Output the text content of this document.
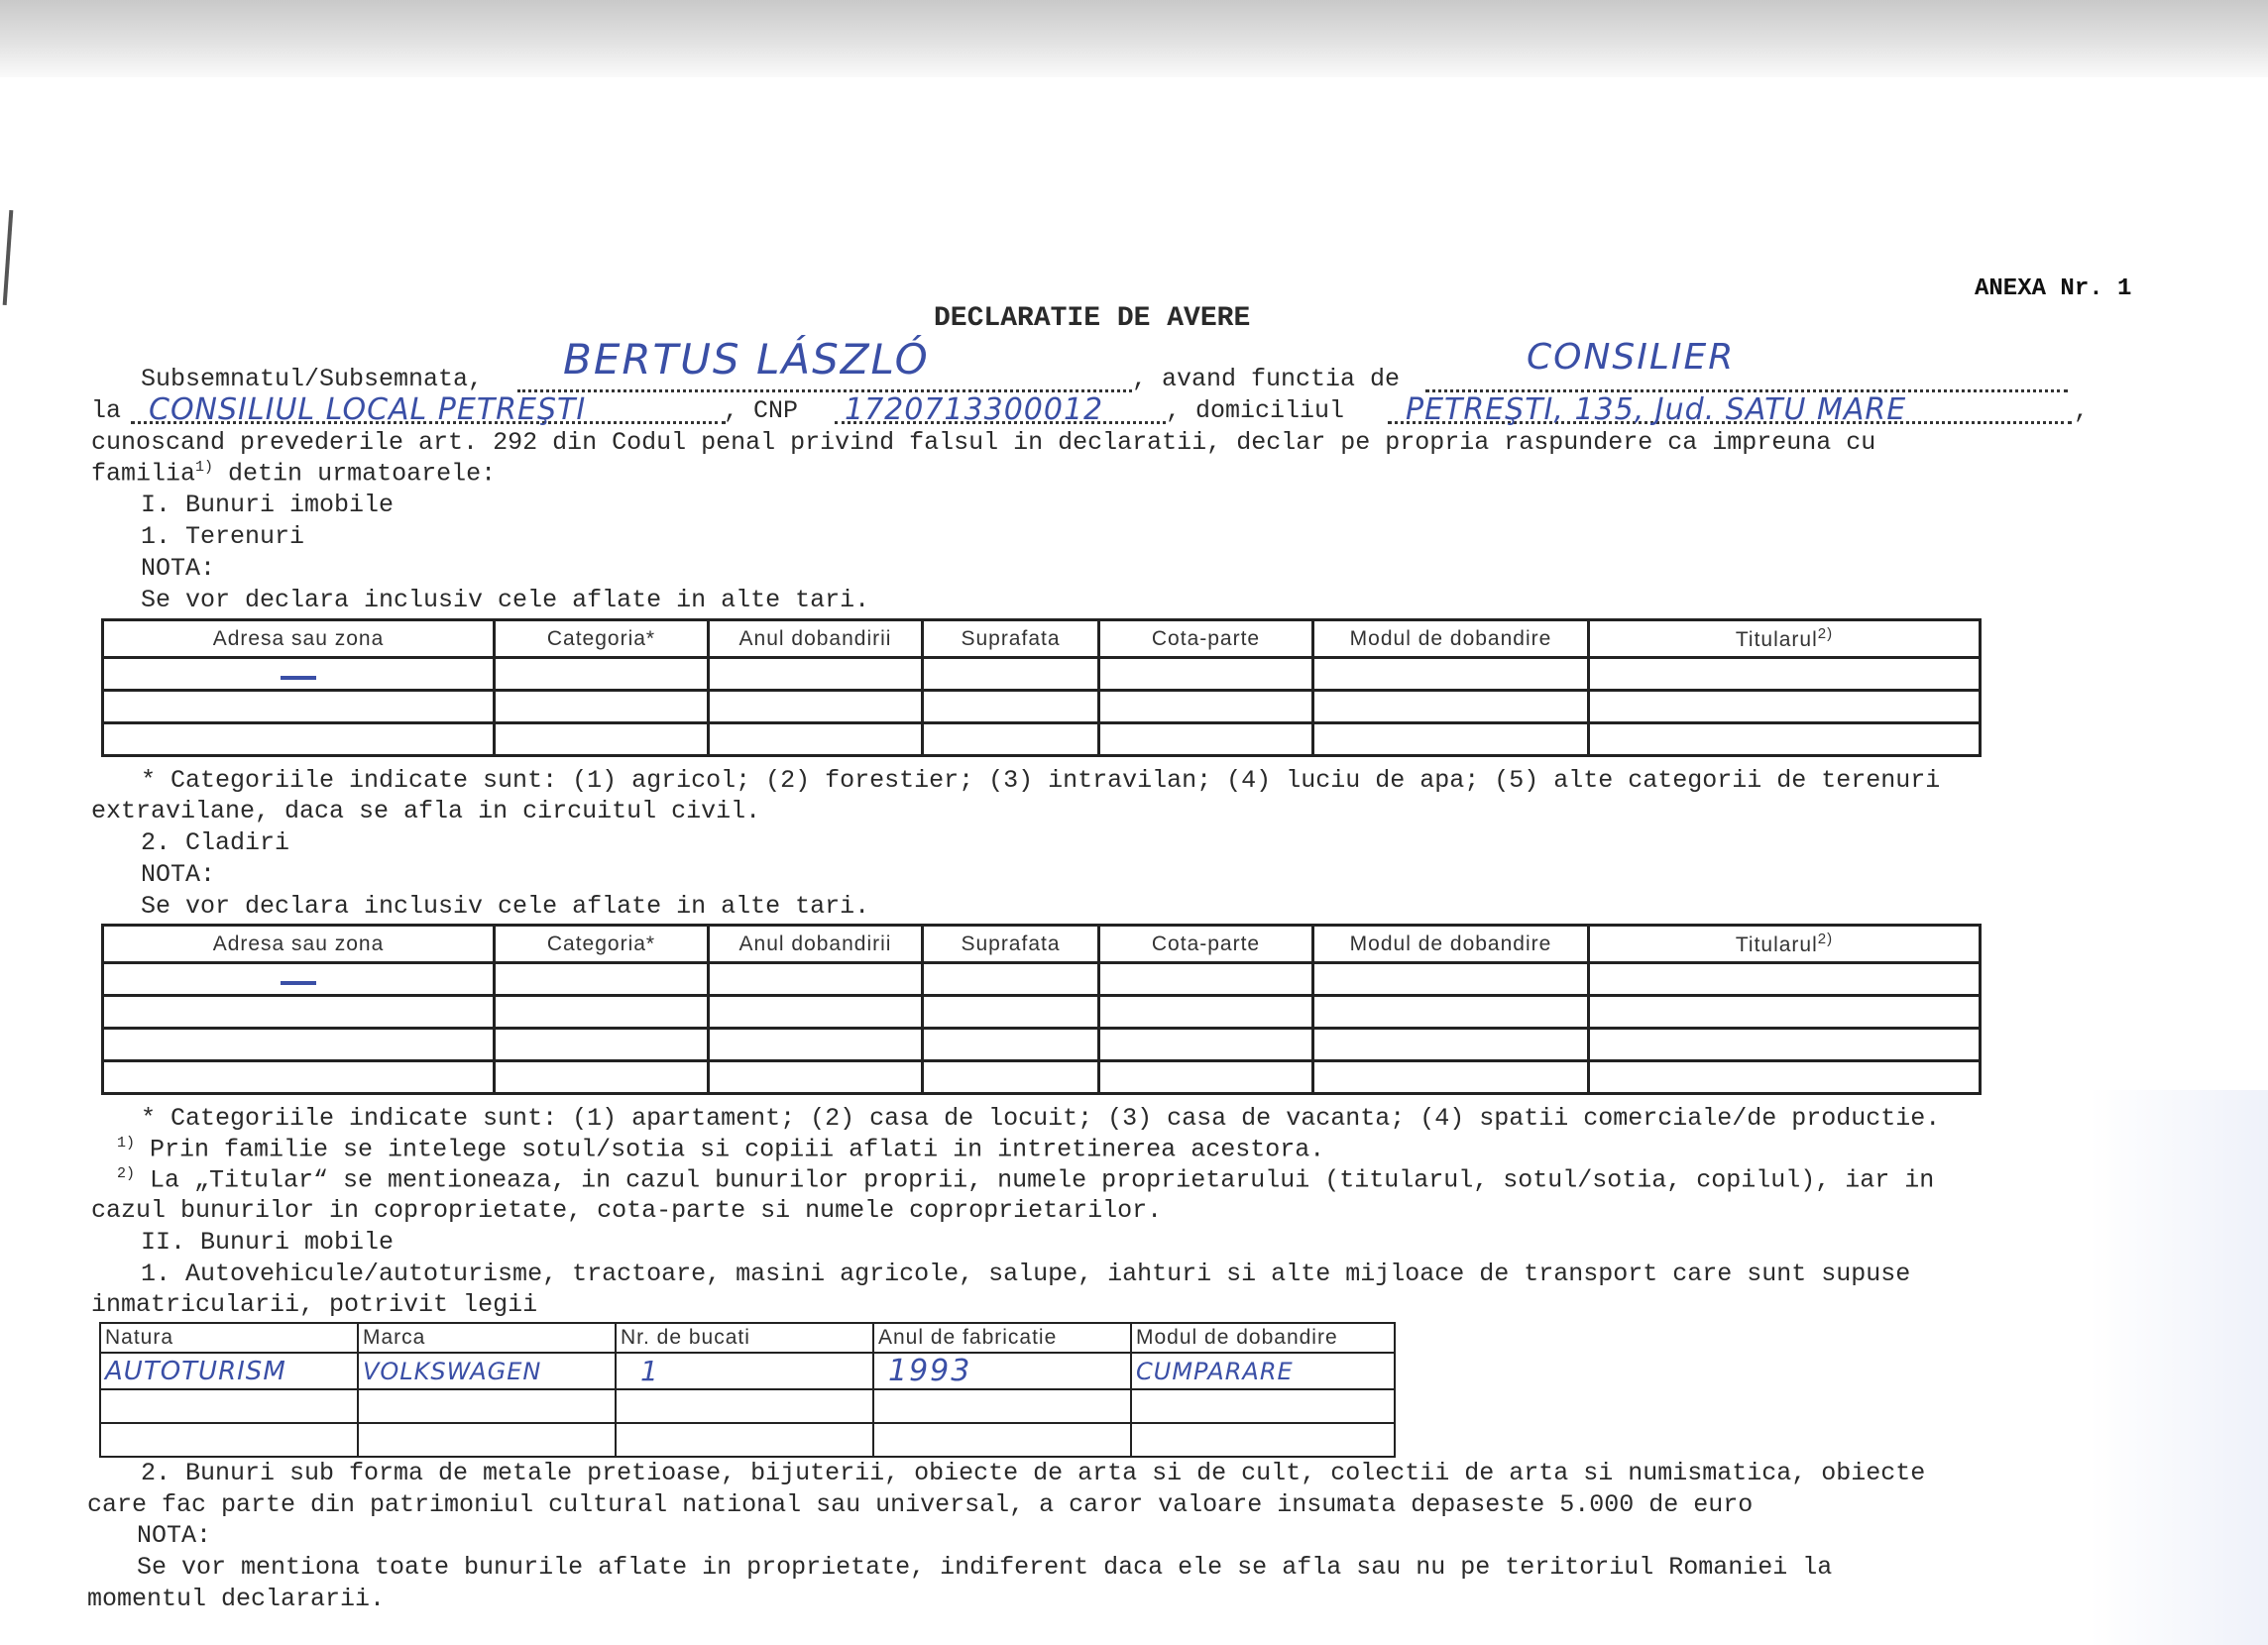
ANEXA Nr. 1
DECLARATIE DE AVERE
Subsemnatul/Subsemnata, BERTUS LÁSZLÓ	, avand functia de
CONSILIER
la CONSILIUL LOCAL PETREŞTI	, CNP 1720713300012	, domiciliul PETREŞTI, 135, Jud. SATU MARE	,
cunoscand prevederile art. 292 din Codul penal privind falsul in declaratii, declar pe propria raspundere ca impreuna cu
familia$^{1)}$ detin urmatoarele:
I. Bunuri imobile
1. Terenuri
NOTA:
Se vor declara inclusiv cele aflate in alte tari.
Adresa sau zona	Categoria*	Anul dobandirii	Suprafata	Cota-parte	Modul de dobandire	Titularul$^{2)}$

* Categoriile indicate sunt: (1) agricol; (2) forestier; (3) intravilan; (4) luciu de apa; (5) alte categorii de terenuri
extravilane, daca se afla in circuitul civil.
2. Cladiri
NOTA:
Se vor declara inclusiv cele aflate in alte tari.
Adresa sau zona	Categoria*	Anul dobandirii	Suprafata	Cota-parte	Modul de dobandire	Titularul$^{2)}$

* Categoriile indicate sunt: (1) apartament; (2) casa de locuit; (3) casa de vacanta; (4) spatii comerciale/de productie.
$^{1)}$ Prin familie se intelege sotul/sotia si copiii aflati in intretinerea acestora.
$^{2)}$ La „Titular“ se mentioneaza, in cazul bunurilor proprii, numele proprietarului (titularul, sotul/sotia, copilul), iar in
cazul bunurilor in coproprietate, cota-parte si numele coproprietarilor.
II. Bunuri mobile
1. Autovehicule/autoturisme, tractoare, masini agricole, salupe, iahturi si alte mijloace de transport care sunt supuse
inmatricularii, potrivit legii
Natura	Marca	Nr. de bucati	Anul de fabricatie	Modul de dobandire
AUTOTURISM	VOLKSWAGEN	1	1993	CUMPARARE

2. Bunuri sub forma de metale pretioase, bijuterii, obiecte de arta si de cult, colectii de arta si numismatica, obiecte
care fac parte din patrimoniul cultural national sau universal, a caror valoare insumata depaseste 5.000 de euro
NOTA:
Se vor mentiona toate bunurile aflate in proprietate, indiferent daca ele se afla sau nu pe teritoriul Romaniei la
momentul declararii.
